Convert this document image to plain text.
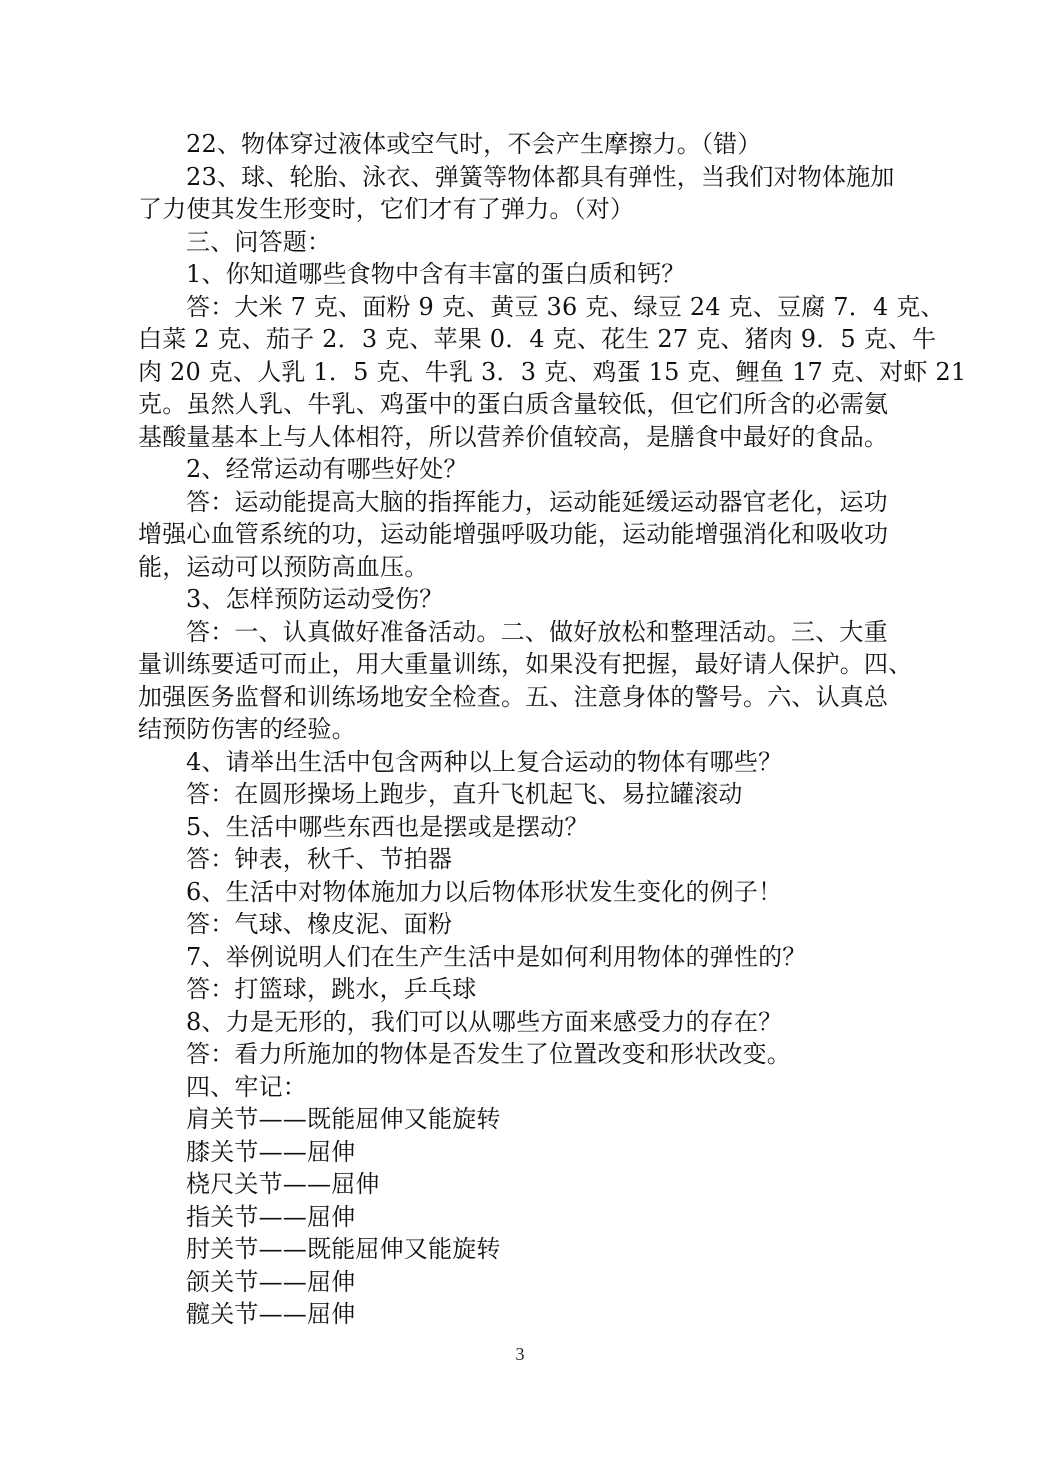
22、物体穿过液体或空气时，不会产生摩擦力。（错）

23、球、轮胎、泳衣、弹簧等物体都具有弹性，当我们对物体施加

了力使其发生形变时，它们才有了弹力。（对）

三、问答题：

1、你知道哪些食物中含有丰富的蛋白质和钙？

答：大米 7 克、面粉 9 克、黄豆 36 克、绿豆 24 克、豆腐 7．4 克、

白菜 2 克、茄子 2．3 克、苹果 0．4 克、花生 27 克、猪肉 9．5 克、牛

肉 20 克、人乳 1．5 克、牛乳 3．3 克、鸡蛋 15 克、鲤鱼 17 克、对虾 21

克。虽然人乳、牛乳、鸡蛋中的蛋白质含量较低，但它们所含的必需氨

基酸量基本上与人体相符，所以营养价值较高，是膳食中最好的食品。

2、经常运动有哪些好处？

答：运动能提高大脑的指挥能力，运动能延缓运动器官老化，运功

增强心血管系统的功，运动能增强呼吸功能，运动能增强消化和吸收功

能，运动可以预防高血压。

3、怎样预防运动受伤？

答：一、认真做好准备活动。二、做好放松和整理活动。三、大重

量训练要适可而止，用大重量训练，如果没有把握，最好请人保护。四、

加强医务监督和训练场地安全检查。五、注意身体的警号。六、认真总

结预防伤害的经验。

4、请举出生活中包含两种以上复合运动的物体有哪些？

答：在圆形操场上跑步，直升飞机起飞、易拉罐滚动

5、生活中哪些东西也是摆或是摆动？

答：钟表，秋千、节拍器

6、生活中对物体施加力以后物体形状发生变化的例子！

答：气球、橡皮泥、面粉

7、举例说明人们在生产生活中是如何利用物体的弹性的？

答：打篮球，跳水，乒乓球

8、力是无形的，我们可以从哪些方面来感受力的存在？

答：看力所施加的物体是否发生了位置改变和形状改变。

四、牢记：

肩关节——既能屈伸又能旋转

膝关节——屈伸

桡尺关节——屈伸

指关节——屈伸

肘关节——既能屈伸又能旋转

颌关节——屈伸

髋关节——屈伸

3
